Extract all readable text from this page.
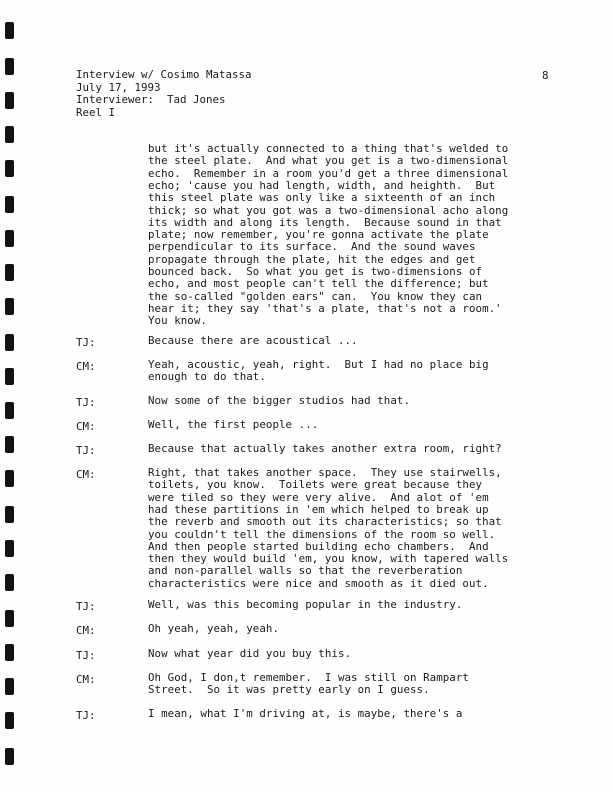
Interview w/ Cosimo Matassa
July 17, 1993
Interviewer:  Tad Jones
Reel I
8
but it's actually connected to a thing that's welded to
the steel plate.  And what you get is a two-dimensional
echo.  Remember in a room you'd get a three dimensional
echo; 'cause you had length, width, and heighth.  But
this steel plate was only like a sixteenth of an inch
thick; so what you got was a two-dimensional acho along
its width and along its length.  Because sound in that
plate; now remember, you're gonna activate the plate
perpendicular to its surface.  And the sound waves
propagate through the plate, hit the edges and get
bounced back.  So what you get is two-dimensions of
echo, and most people can't tell the difference; but
the so-called "golden ears" can.  You know they can
hear it; they say 'that's a plate, that's not a room.'
You know.
TJ:	Because there are acoustical ...
CM:	Yeah, acoustic, yeah, right.  But I had no place big
enough to do that.
TJ:	Now some of the bigger studios had that.
CM:	Well, the first people ...
TJ:	Because that actually takes another extra room, right?
CM:	Right, that takes another space.  They use stairwells,
toilets, you know.  Toilets were great because they
were tiled so they were very alive.  And alot of 'em
had these partitions in 'em which helped to break up
the reverb and smooth out its characteristics; so that
you couldn't tell the dimensions of the room so well.
And then people started building echo chambers.  And
then they would build 'em, you know, with tapered walls
and non-parallel walls so that the reverberation
characteristics were nice and smooth as it died out.
TJ:	Well, was this becoming popular in the industry.
CM:	Oh yeah, yeah, yeah.
TJ:	Now what year did you buy this.
CM:	Oh God, I don,t remember.  I was still on Rampart
Street.  So it was pretty early on I guess.
TJ:	I mean, what I'm driving at, is maybe, there's a
